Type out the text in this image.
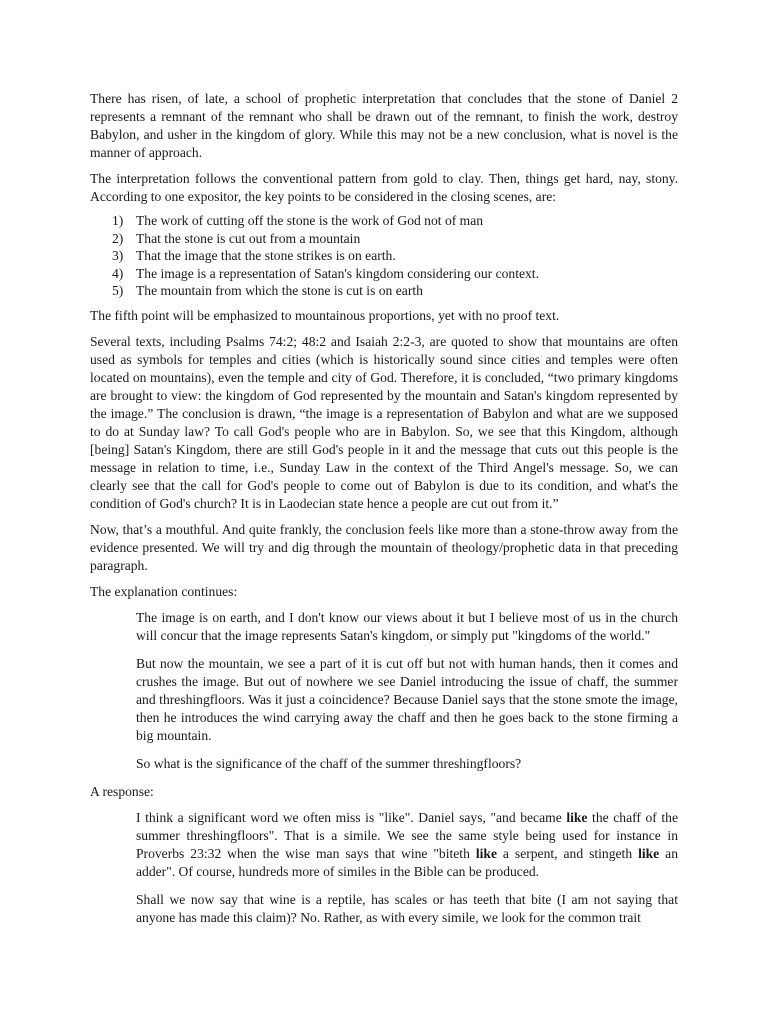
There has risen, of late, a school of prophetic interpretation that concludes that the stone of Daniel 2 represents a remnant of the remnant who shall be drawn out of the remnant, to finish the work, destroy Babylon, and usher in the kingdom of glory. While this may not be a new conclusion, what is novel is the manner of approach.

The interpretation follows the conventional pattern from gold to clay. Then, things get hard, nay, stony. According to one expositor, the key points to be considered in the closing scenes, are:

1) The work of cutting off the stone is the work of God not of man
2) That the stone is cut out from a mountain
3) That the image that the stone strikes is on earth.
4) The image is a representation of Satan's kingdom considering our context.
5) The mountain from which the stone is cut is on earth

The fifth point will be emphasized to mountainous proportions, yet with no proof text.

Several texts, including Psalms 74:2; 48:2 and Isaiah 2:2-3, are quoted to show that mountains are often used as symbols for temples and cities (which is historically sound since cities and temples were often located on mountains), even the temple and city of God. Therefore, it is concluded, “two primary kingdoms are brought to view: the kingdom of God represented by the mountain and Satan's kingdom represented by the image.” The conclusion is drawn, “the image is a representation of Babylon and what are we supposed to do at Sunday law? To call God's people who are in Babylon. So, we see that this Kingdom, although [being] Satan's Kingdom, there are still God's people in it and the message that cuts out this people is the message in relation to time, i.e., Sunday Law in the context of the Third Angel's message. So, we can clearly see that the call for God's people to come out of Babylon is due to its condition, and what's the condition of God's church? It is in Laodecian state hence a people are cut out from it.”

Now, that’s a mouthful. And quite frankly, the conclusion feels like more than a stone-throw away from the evidence presented. We will try and dig through the mountain of theology/prophetic data in that preceding paragraph.

The explanation continues:

The image is on earth, and I don't know our views about it but I believe most of us in the church will concur that the image represents Satan's kingdom, or simply put "kingdoms of the world."

But now the mountain, we see a part of it is cut off but not with human hands, then it comes and crushes the image. But out of nowhere we see Daniel introducing the issue of chaff, the summer and threshingfloors. Was it just a coincidence? Because Daniel says that the stone smote the image, then he introduces the wind carrying away the chaff and then he goes back to the stone firming a big mountain.

So what is the significance of the chaff of the summer threshingfloors?

A response:

I think a significant word we often miss is "like". Daniel says, "and became like the chaff of the summer threshingfloors". That is a simile. We see the same style being used for instance in Proverbs 23:32 when the wise man says that wine "biteth like a serpent, and stingeth like an adder". Of course, hundreds more of similes in the Bible can be produced.

Shall we now say that wine is a reptile, has scales or has teeth that bite (I am not saying that anyone has made this claim)? No. Rather, as with every simile, we look for the common trait
